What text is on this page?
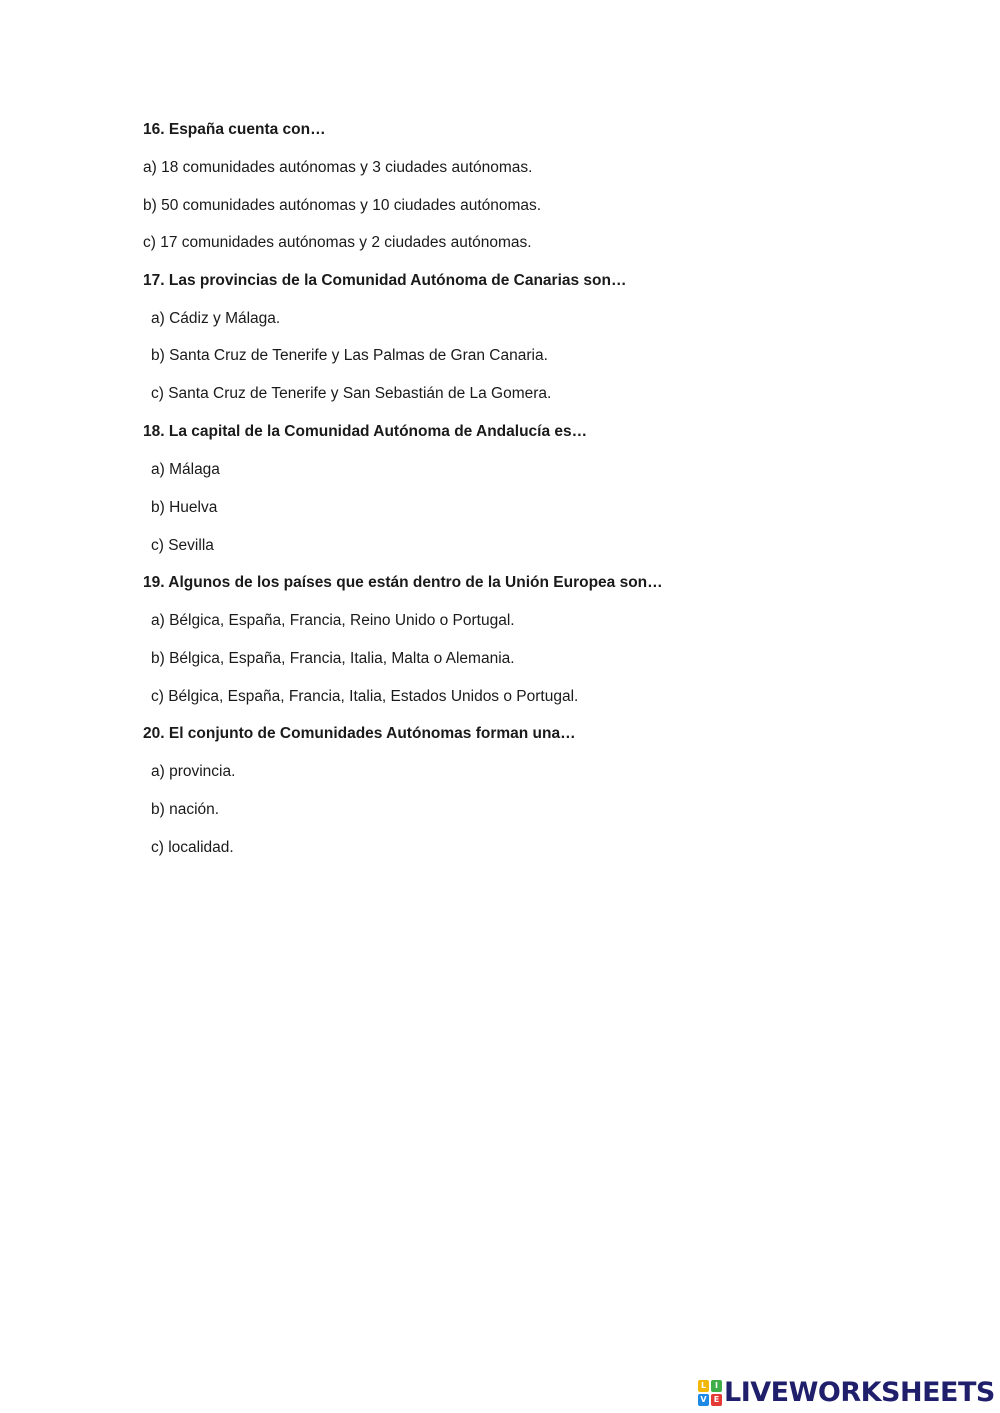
16. España cuenta con…
a) 18 comunidades autónomas y 3 ciudades autónomas.
b) 50 comunidades autónomas y 10 ciudades autónomas.
c) 17 comunidades autónomas y 2 ciudades autónomas.
17. Las provincias de la Comunidad Autónoma de Canarias son…
a) Cádiz y Málaga.
b) Santa Cruz de Tenerife y Las Palmas de Gran Canaria.
c) Santa Cruz de Tenerife y San Sebastián de La Gomera.
18. La capital de la Comunidad Autónoma de Andalucía es…
a) Málaga
b) Huelva
c) Sevilla
19. Algunos de los países que están dentro de la Unión Europea son…
a) Bélgica, España, Francia, Reino Unido o Portugal.
b) Bélgica, España, Francia, Italia, Malta o Alemania.
c) Bélgica, España, Francia, Italia, Estados Unidos o Portugal.
20. El conjunto de Comunidades Autónomas forman una…
a) provincia.
b) nación.
c) localidad.
L	I
V E LIVEWORKSHEETS
